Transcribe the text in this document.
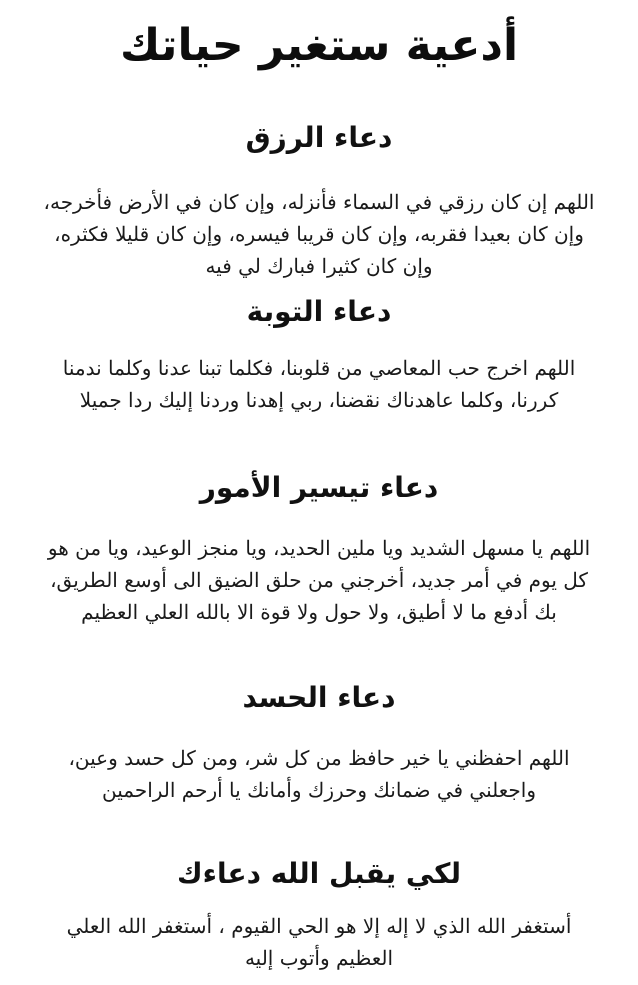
أدعية ستغير حياتك
دعاء الرزق

اللهم إن كان رزقي في السماء فأنزله، وإن كان في الأرض فأخرجه، وإن كان بعيدا فقربه، وإن كان قريبا فيسره، وإن كان قليلا فكثره، وإن كان كثيرا فبارك لي فيه

دعاء التوبة

اللهم اخرج حب المعاصي من قلوبنا، فكلما تبنا عدنا وكلما ندمنا كررنا، وكلما عاهدناك نقضنا، ربي إهدنا وردنا إليك ردا جميلا

دعاء تيسير الأمور

اللهم يا مسهل الشديد ويا ملين الحديد، ويا منجز الوعيد، ويا من هو كل يوم في أمر جديد، أخرجني من حلق الضيق الى أوسع الطريق، بك أدفع ما لا أطيق، ولا حول ولا قوة الا بالله العلي العظيم

دعاء الحسد

اللهم احفظني يا خير حافظ من كل شر، ومن كل حسد وعين، واجعلني في ضمانك وحرزك وأمانك يا أرحم الراحمين

لكي يقبل الله دعاءك

أستغفر الله الذي لا إله إلا هو الحي القيوم ، أستغفر الله العلي العظيم وأتوب إليه
